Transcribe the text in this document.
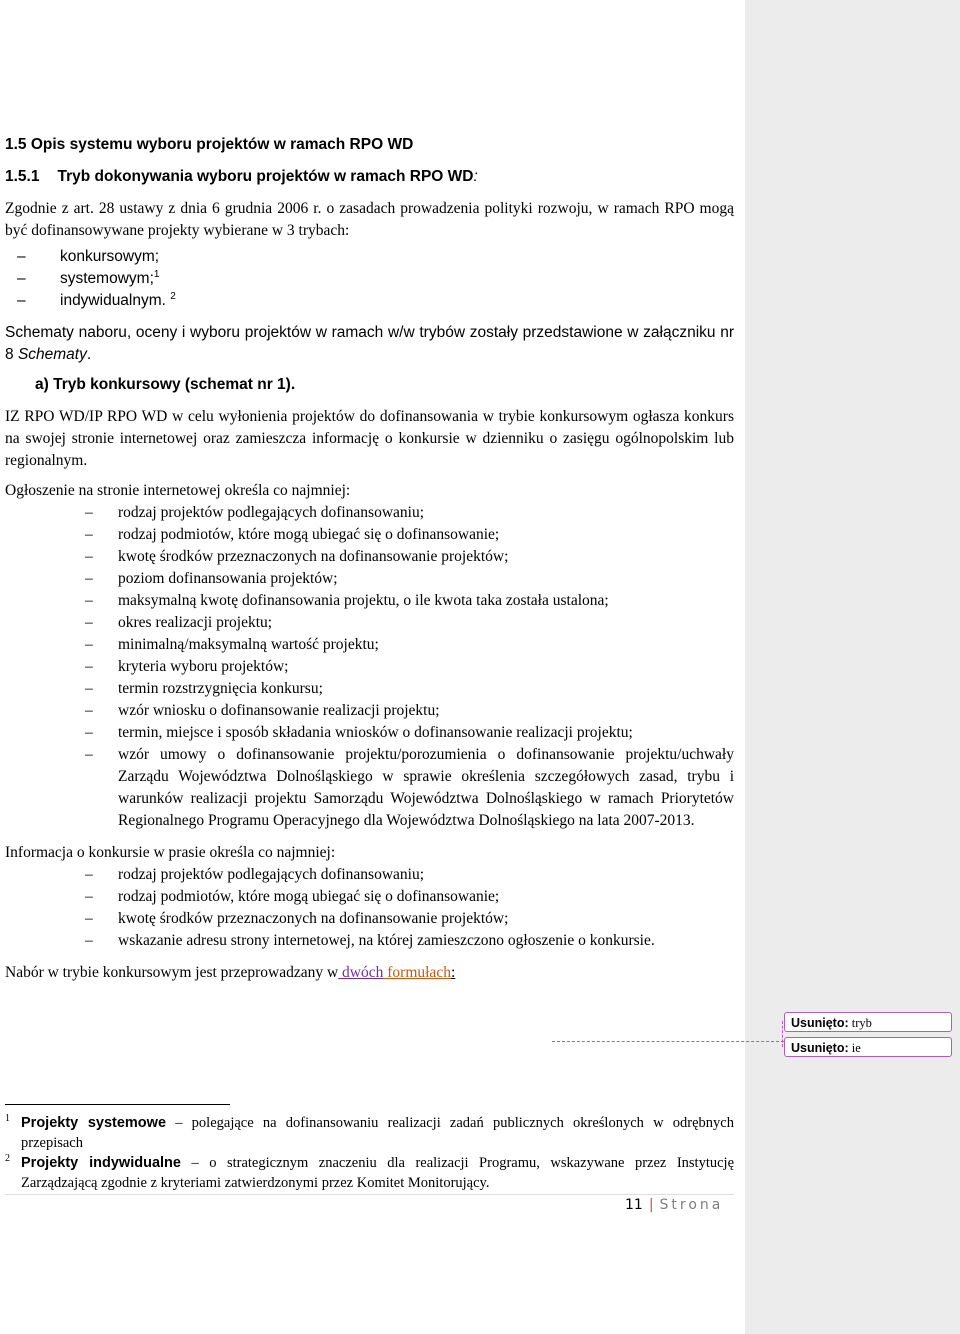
1.5 Opis systemu wyboru projektów w ramach RPO WD
1.5.1 Tryb dokonywania wyboru projektów w ramach RPO WD:

Zgodnie z art. 28 ustawy z dnia 6 grudnia 2006 r. o zasadach prowadzenia polityki rozwoju, w ramach RPO mogą być dofinansowywane projekty wybierane w 3 trybach:

– konkursowym;
– systemowym;$^1$
– indywidualnym. $^2$

Schematy naboru, oceny i wyboru projektów w ramach w/w trybów zostały przedstawione w załączniku nr 8 Schematy.

a) Tryb konkursowy (schemat nr 1).

IZ RPO WD/IP RPO WD w celu wyłonienia projektów do dofinansowania w trybie konkursowym ogłasza konkurs na swojej stronie internetowej oraz zamieszcza informację o konkursie w dzienniku o zasięgu ogólnopolskim lub regionalnym.

Ogłoszenie na stronie internetowej określa co najmniej:

– rodzaj projektów podlegających dofinansowaniu;
– rodzaj podmiotów, które mogą ubiegać się o dofinansowanie;
– kwotę środków przeznaczonych na dofinansowanie projektów;
– poziom dofinansowania projektów;
– maksymalną kwotę dofinansowania projektu, o ile kwota taka została ustalona;
– okres realizacji projektu;
– minimalną/maksymalną wartość projektu;
– kryteria wyboru projektów;
– termin rozstrzygnięcia konkursu;
– wzór wniosku o dofinansowanie realizacji projektu;
– termin, miejsce i sposób składania wniosków o dofinansowanie realizacji projektu;
– wzór umowy o dofinansowanie projektu/porozumienia o dofinansowanie projektu/uchwały Zarządu Województwa Dolnośląskiego w sprawie określenia szczegółowych zasad, trybu i warunków realizacji projektu Samorządu Województwa Dolnośląskiego w ramach Priorytetów Regionalnego Programu Operacyjnego dla Województwa Dolnośląskiego na lata 2007-2013.

Informacja o konkursie w prasie określa co najmniej:

– rodzaj projektów podlegających dofinansowaniu;
– rodzaj podmiotów, które mogą ubiegać się o dofinansowanie;
– kwotę środków przeznaczonych na dofinansowanie projektów;
– wskazanie adresu strony internetowej, na której zamieszczono ogłoszenie o konkursie.

Nabór w trybie konkursowym jest przeprowadzany w dwóch formułach:

Usunięto: tryb
Usunięto: ie
1 Projekty systemowe – polegające na dofinansowaniu realizacji zadań publicznych określonych w odrębnych przepisach
2 Projekty indywidualne – o strategicznym znaczeniu dla realizacji Programu, wskazywane przez Instytucję Zarządzającą zgodnie z kryteriami zatwierdzonymi przez Komitet Monitorujący.
11 | Strona
